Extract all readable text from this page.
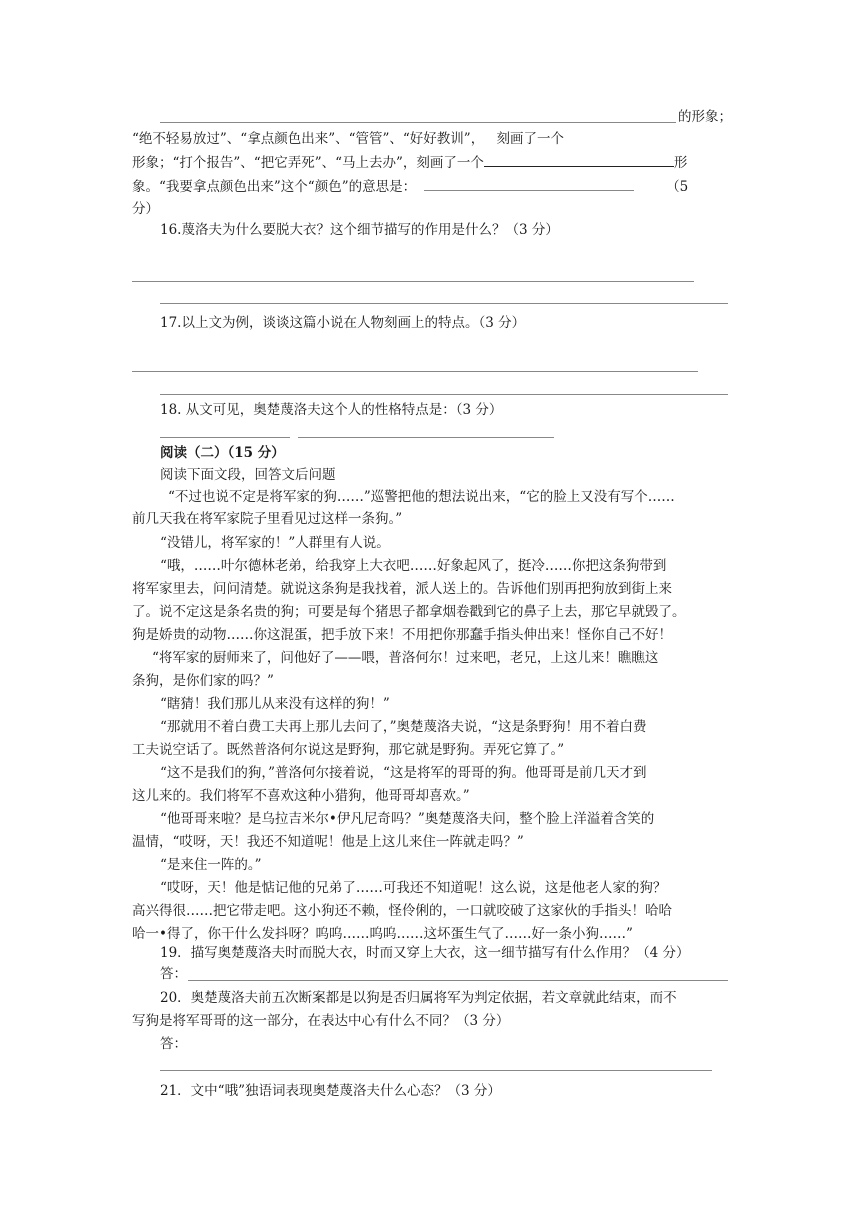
的形象；
“绝不轻易放过”、“拿点颜色出来”、“管管”、“好好教训”， 刻画了一个
形象；“打个报告”、“把它弄死”、“马上去办”，刻画了一个	形
象。“我要拿点颜色出来”这个“颜色”的意思是：	（5
分）
16.蔑洛夫为什么要脱大衣？这个细节描写的作用是什么？（3 分）
17.以上文为例，谈谈这篇小说在人物刻画上的特点。（3 分）
18. 从文可见，奥楚蔑洛夫这个人的性格特点是：（3 分）
阅读（二）（15 分）
阅读下面文段，回答文后问题
“不过也说不定是将军家的狗……”巡警把他的想法说出来，“它的脸上又没有写个……
前几天我在将军家院子里看见过这样一条狗。”
“没错儿，将军家的！”人群里有人说。
“哦，……叶尔德林老弟，给我穿上大衣吧……好象起风了，挺冷……你把这条狗带到
将军家里去，问问清楚。就说这条狗是我找着，派人送上的。告诉他们别再把狗放到街上来
了。说不定这是条名贵的狗；可要是每个猪思子都拿烟卷戳到它的鼻子上去，那它早就毁了。
狗是娇贵的动物……你这混蛋，把手放下来！不用把你那蠢手指头伸出来！怪你自己不好！
“将军家的厨师来了，问他好了——喂，普洛何尔！过来吧，老兄，上这儿来！瞧瞧这
条狗，是你们家的吗？”
“瞎猜！我们那儿从来没有这样的狗！”
“那就用不着白费工夫再上那儿去问了，”奥楚蔑洛夫说，“这是条野狗！用不着白费
工夫说空话了。既然普洛何尔说这是野狗，那它就是野狗。弄死它算了。”
“这不是我们的狗，”普洛何尔接着说，“这是将军的哥哥的狗。他哥哥是前几天才到
这儿来的。我们将军不喜欢这种小猎狗，他哥哥却喜欢。”
“他哥哥来啦？是乌拉吉米尔•伊凡尼奇吗？”奥楚蔑洛夫问，整个脸上洋溢着含笑的
温情，“哎呀，天！我还不知道呢！他是上这儿来住一阵就走吗？”
“是来住一阵的。”
“哎呀，天！他是惦记他的兄弟了……可我还不知道呢！这么说，这是他老人家的狗？
高兴得很……把它带走吧。这小狗还不赖，怪伶俐的，一口就咬破了这家伙的手指头！哈哈
哈一•得了，你干什么发抖呀？呜呜……呜呜……这坏蛋生气了……好一条小狗……”
19．描写奥楚蔑洛夫时而脱大衣，时而又穿上大衣，这一细节描写有什么作用？（4 分）
答：
20．奥楚蔑洛夫前五次断案都是以狗是否归属将军为判定依据，若文章就此结束，而不
写狗是将军哥哥的这一部分，在表达中心有什么不同？（3 分）
答：
21．文中“哦”独语词表现奥楚蔑洛夫什么心态？（3 分）
